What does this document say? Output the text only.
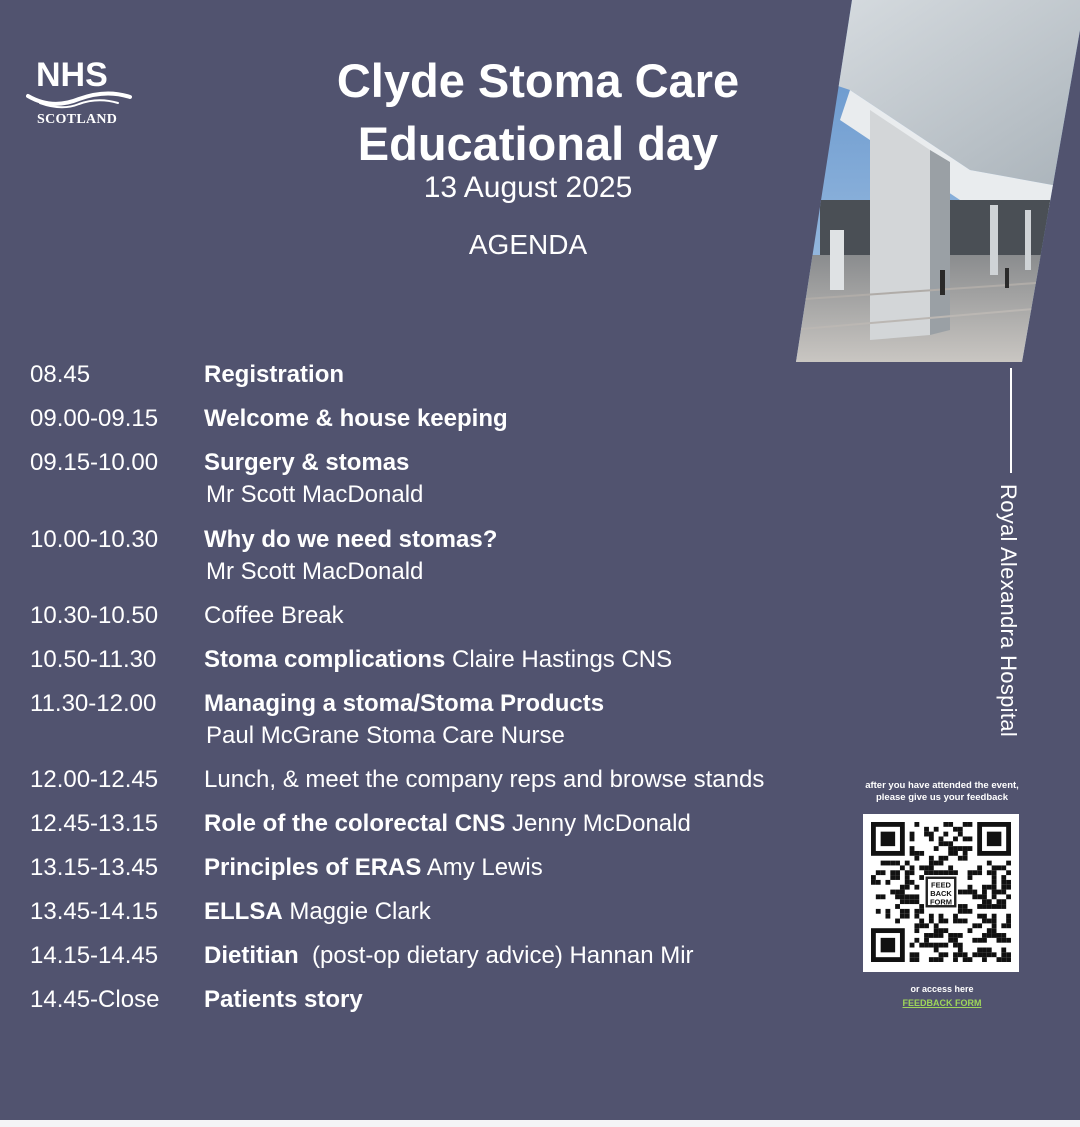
NHS
SCOTLAND
Clyde Stoma Care
Educational day
13 August 2025
AGENDA
Royal Alexandra Hospital
08.45	Registration
09.00-09.15	Welcome & house keeping
09.15-10.00	Surgery & stomas
Mr Scott MacDonald
10.00-10.30	Why do we need stomas?
Mr Scott MacDonald
10.30-10.50	Coffee Break
10.50-11.30	Stoma complications Claire Hastings CNS
11.30-12.00	Managing a stoma/Stoma Products
Paul McGrane Stoma Care Nurse
12.00-12.45	Lunch, & meet the company reps and browse stands
12.45-13.15	Role of the colorectal CNS Jenny McDonald
13.15-13.45	Principles of ERAS Amy Lewis
13.45-14.15	ELLSA Maggie Clark
14.15-14.45	Dietitian  (post-op dietary advice) Hannan Mir
14.45-Close	Patients story
after you have attended the event,
please give us your feedback
FEED
BACK
FORM
or access here
FEEDBACK FORM
